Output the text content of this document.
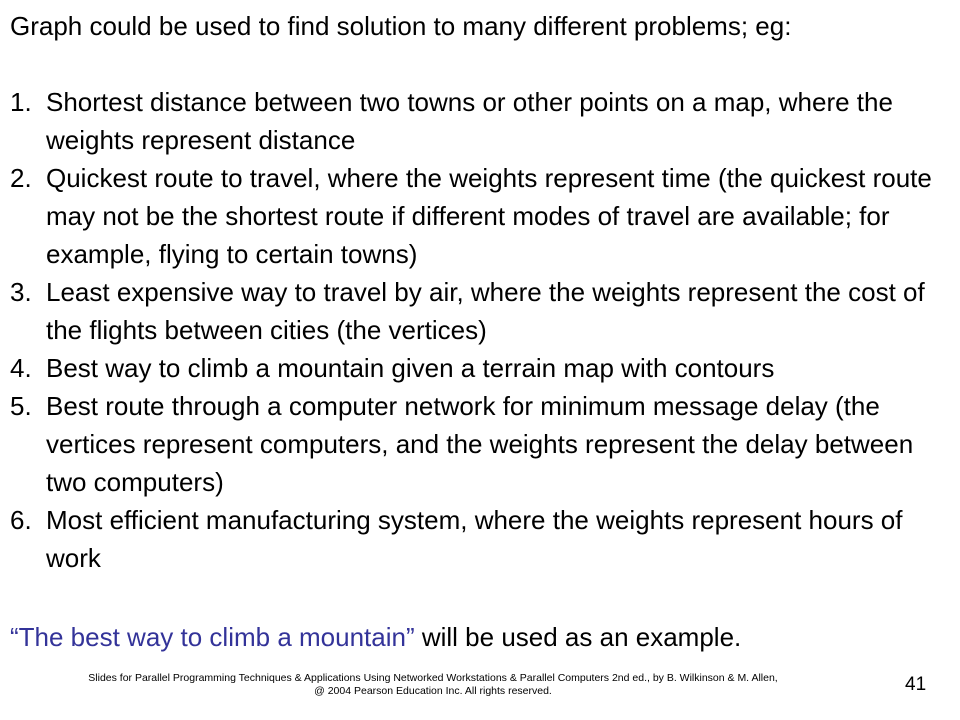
Graph could be used to find solution to many different problems; eg:

1. Shortest distance between two towns or other points on a map, where the weights represent distance
2. Quickest route to travel, where the weights represent time (the quickest route may not be the shortest route if different modes of travel are available; for example, flying to certain towns)
3. Least expensive way to travel by air, where the weights represent the cost of the flights between cities (the vertices)
4. Best way to climb a mountain given a terrain map with contours
5. Best route through a computer network for minimum message delay (the vertices represent computers, and the weights represent the delay between two computers)
6. Most efficient manufacturing system, where the weights represent hours of work

“The best way to climb a mountain” will be used as an example.

Slides for Parallel Programming Techniques & Applications Using Networked Workstations & Parallel Computers 2nd ed., by B. Wilkinson & M. Allen,
@ 2004 Pearson Education Inc. All rights reserved.	41
